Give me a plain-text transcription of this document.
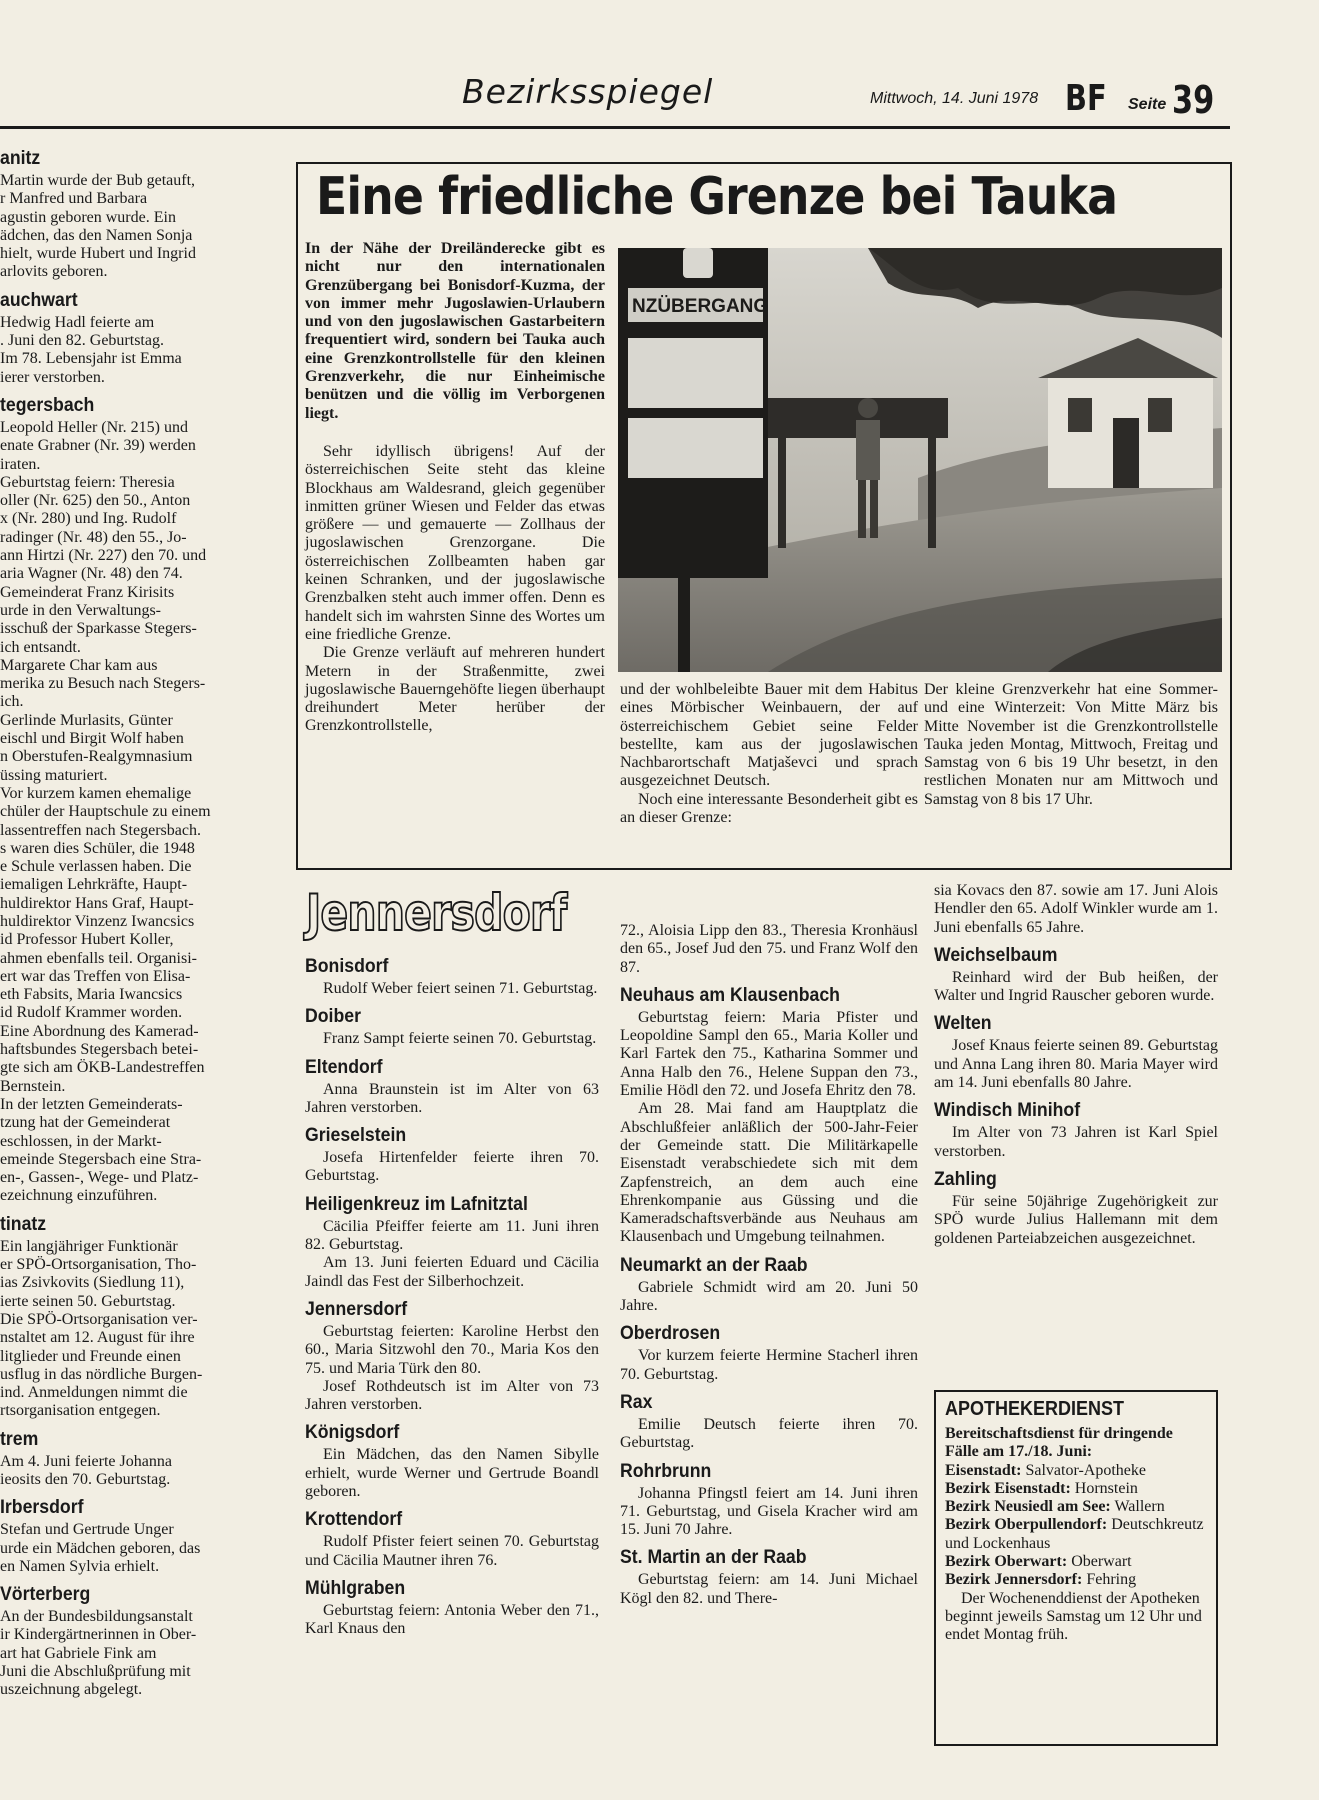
Bezirksspiegel	Mittwoch, 14. Juni 1978 BF Seite 39
anitz

Martin wurde der Bub getauft,

r Manfred und Barbara

agustin geboren wurde. Ein

ädchen, das den Namen Sonja

hielt, wurde Hubert und Ingrid

arlovits geboren.

auchwart

Hedwig Hadl feierte am

. Juni den 82. Geburtstag.

Im 78. Lebensjahr ist Emma

ierer verstorben.

tegersbach

Leopold Heller (Nr. 215) und

enate Grabner (Nr. 39) werden

iraten.

Geburtstag feiern: Theresia

oller (Nr. 625) den 50., Anton

x (Nr. 280) und Ing. Rudolf

radinger (Nr. 48) den 55., Jo-

ann Hirtzi (Nr. 227) den 70. und

aria Wagner (Nr. 48) den 74.

Gemeinderat Franz Kirisits

urde in den Verwaltungs-

isschuß der Sparkasse Stegers-

ich entsandt.

Margarete Char kam aus

merika zu Besuch nach Stegers-

ich.

Gerlinde Murlasits, Günter

eischl und Birgit Wolf haben

n Oberstufen-Realgymnasium

üssing maturiert.

Vor kurzem kamen ehemalige

chüler der Hauptschule zu einem

lassentreffen nach Stegersbach.

s waren dies Schüler, die 1948

e Schule verlassen haben. Die

iemaligen Lehrkräfte, Haupt-

huldirektor Hans Graf, Haupt-

huldirektor Vinzenz Iwancsics

id Professor Hubert Koller,

ahmen ebenfalls teil. Organisi-

ert war das Treffen von Elisa-

eth Fabsits, Maria Iwancsics

id Rudolf Krammer worden.

Eine Abordnung des Kamerad-

haftsbundes Stegersbach betei-

gte sich am ÖKB-Landestreffen

Bernstein.

In der letzten Gemeinderats-

tzung hat der Gemeinderat

eschlossen, in der Markt-

emeinde Stegersbach eine Stra-

en-, Gassen-, Wege- und Platz-

ezeichnung einzuführen.

tinatz

Ein langjähriger Funktionär

er SPÖ-Ortsorganisation, Tho-

ias Zsivkovits (Siedlung 11),

ierte seinen 50. Geburtstag.

Die SPÖ-Ortsorganisation ver-

nstaltet am 12. August für ihre

litglieder und Freunde einen

usflug in das nördliche Burgen-

ind. Anmeldungen nimmt die

rtsorganisation entgegen.

trem

Am 4. Juni feierte Johanna

ieosits den 70. Geburtstag.

Irbersdorf

Stefan und Gertrude Unger

urde ein Mädchen geboren, das

en Namen Sylvia erhielt.

Vörterberg

An der Bundesbildungsanstalt

ir Kindergärtnerinnen in Ober-

art hat Gabriele Fink am

Juni die Abschlußprüfung mit

uszeichnung abgelegt.

Eine friedliche Grenze bei Tauka

In der Nähe der Dreiländerecke gibt es nicht nur den internationalen Grenzübergang bei Bonisdorf-Kuzma, der von immer mehr Jugoslawien-Urlaubern und von den jugoslawischen Gastarbeitern frequentiert wird, sondern bei Tauka auch eine Grenzkontrollstelle für den kleinen Grenzverkehr, die nur Einheimische benützen und die völlig im Verborgenen liegt.

Sehr idyllisch übrigens! Auf der österreichischen Seite steht das kleine Blockhaus am Waldesrand, gleich gegenüber inmitten grüner Wiesen und Felder das etwas größere — und gemauerte — Zollhaus der jugoslawischen Grenzorgane. Die österreichischen Zollbeamten haben gar keinen Schranken, und der jugoslawische Grenzbalken steht auch immer offen. Denn es handelt sich im wahrsten Sinne des Wortes um eine friedliche Grenze.

Die Grenze verläuft auf mehreren hundert Metern in der Straßenmitte, zwei jugoslawische Bauerngehöfte liegen überhaupt dreihundert Meter herüber der Grenzkontrollstelle,

und der wohlbeleibte Bauer mit dem Habitus eines Mörbischer Weinbauern, der auf österreichischem Gebiet seine Felder bestellte, kam aus der jugoslawischen Nachbarortschaft Matjaševci und sprach ausgezeichnet Deutsch.

Noch eine interessante Besonderheit gibt es an dieser Grenze:

Der kleine Grenzverkehr hat eine Sommer- und eine Winterzeit: Von Mitte März bis Mitte November ist die Grenzkontrollstelle Tauka jeden Montag, Mittwoch, Freitag und Samstag von 6 bis 19 Uhr besetzt, in den restlichen Monaten nur am Mittwoch und Samstag von 8 bis 17 Uhr.

NZÜBERGANG
Jennersdorf
Bonisdorf

Rudolf Weber feiert seinen 71. Geburtstag.

Doiber

Franz Sampt feierte seinen 70. Geburtstag.

Eltendorf

Anna Braunstein ist im Alter von 63 Jahren verstorben.

Grieselstein

Josefa Hirtenfelder feierte ihren 70. Geburtstag.

Heiligenkreuz im Lafnitztal

Cäcilia Pfeiffer feierte am 11. Juni ihren 82. Geburtstag.

Am 13. Juni feierten Eduard und Cäcilia Jaindl das Fest der Silberhochzeit.

Jennersdorf

Geburtstag feierten: Karoline Herbst den 60., Maria Sitzwohl den 70., Maria Kos den 75. und Maria Türk den 80.

Josef Rothdeutsch ist im Alter von 73 Jahren verstorben.

Königsdorf

Ein Mädchen, das den Namen Sibylle erhielt, wurde Werner und Gertrude Boandl geboren.

Krottendorf

Rudolf Pfister feiert seinen 70. Geburtstag und Cäcilia Mautner ihren 76.

Mühlgraben

Geburtstag feiern: Antonia Weber den 71., Karl Knaus den

72., Aloisia Lipp den 83., Theresia Kronhäusl den 65., Josef Jud den 75. und Franz Wolf den 87.

Neuhaus am Klausenbach

Geburtstag feiern: Maria Pfister und Leopoldine Sampl den 65., Maria Koller und Karl Fartek den 75., Katharina Sommer und Anna Halb den 76., Helene Suppan den 73., Emilie Hödl den 72. und Josefa Ehritz den 78.

Am 28. Mai fand am Hauptplatz die Abschlußfeier anläßlich der 500-Jahr-Feier der Gemeinde statt. Die Militärkapelle Eisenstadt verabschiedete sich mit dem Zapfenstreich, an dem auch eine Ehrenkompanie aus Güssing und die Kameradschaftsverbände aus Neuhaus am Klausenbach und Umgebung teilnahmen.

Neumarkt an der Raab

Gabriele Schmidt wird am 20. Juni 50 Jahre.

Oberdrosen

Vor kurzem feierte Hermine Stacherl ihren 70. Geburtstag.

Rax

Emilie Deutsch feierte ihren 70. Geburtstag.

Rohrbrunn

Johanna Pfingstl feiert am 14. Juni ihren 71. Geburtstag, und Gisela Kracher wird am 15. Juni 70 Jahre.

St. Martin an der Raab

Geburtstag feiern: am 14. Juni Michael Kögl den 82. und There-

sia Kovacs den 87. sowie am 17. Juni Alois Hendler den 65. Adolf Winkler wurde am 1. Juni ebenfalls 65 Jahre.

Weichselbaum

Reinhard wird der Bub heißen, der Walter und Ingrid Rauscher geboren wurde.

Welten

Josef Knaus feierte seinen 89. Geburtstag und Anna Lang ihren 80. Maria Mayer wird am 14. Juni ebenfalls 80 Jahre.

Windisch Minihof

Im Alter von 73 Jahren ist Karl Spiel verstorben.

Zahling

Für seine 50jährige Zugehörigkeit zur SPÖ wurde Julius Hallemann mit dem goldenen Parteiabzeichen ausgezeichnet.

APOTHEKERDIENST

Bereitschaftsdienst für dringende Fälle am 17./18. Juni:

Eisenstadt: Salvator-Apotheke

Bezirk Eisenstadt: Hornstein

Bezirk Neusiedl am See: Wallern

Bezirk Oberpullendorf: Deutschkreutz und Lockenhaus

Bezirk Oberwart: Oberwart

Bezirk Jennersdorf: Fehring

Der Wochenenddienst der Apotheken beginnt jeweils Samstag um 12 Uhr und endet Montag früh.
